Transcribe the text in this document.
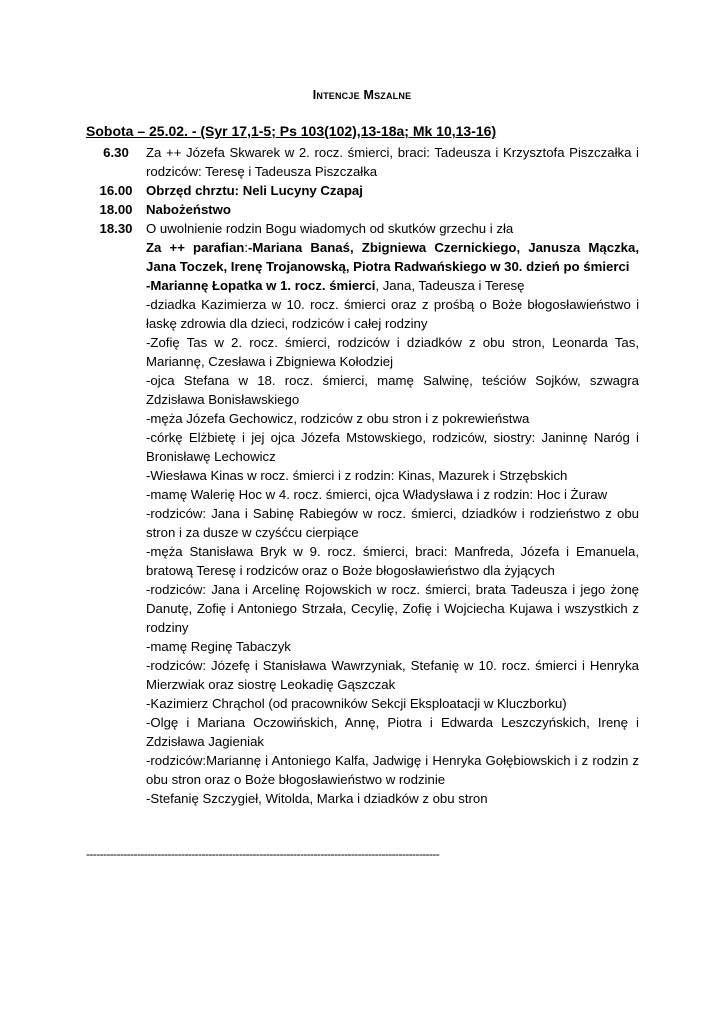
Intencje Mszalne
Sobota – 25.02. - (Syr 17,1-5; Ps 103(102),13-18a; Mk 10,13-16)
6.30	Za ++ Józefa Skwarek w 2. rocz. śmierci, braci: Tadeusza i Krzysztofa Piszczałka i rodziców: Teresę i Tadeusza Piszczałka
16.00	Obrzęd chrztu: Neli Lucyny Czapaj
18.00	Nabożeństwo
18.30	O uwolnienie rodzin Bogu wiadomych od skutków grzechu i zła
Za ++ parafian:-Mariana Banaś, Zbigniewa Czernickiego, Janusza Mączka, Jana Toczek, Irenę Trojanowską, Piotra Radwańskiego w 30. dzień po śmierci
-Mariannę Łopatka w 1. rocz. śmierci, Jana, Tadeusza i Teresę
-dziadka Kazimierza w 10. rocz. śmierci oraz z prośbą o Boże błogosławieństwo i łaskę zdrowia dla dzieci, rodziców i całej rodziny
-Zofię Tas w 2. rocz. śmierci, rodziców i dziadków z obu stron, Leonarda Tas, Mariannę, Czesława i Zbigniewa Kołodziej
-ojca Stefana w 18. rocz. śmierci, mamę Salwinę, teściów Sojków, szwagra Zdzisława Bonisławskiego
-męża Józefa Gechowicz, rodziców z obu stron i z pokrewieństwa
-córkę Elżbietę i jej ojca Józefa Mstowskiego, rodziców, siostry: Janinnę Naróg i Bronisławę Lechowicz
-Wiesława Kinas w rocz. śmierci i z rodzin: Kinas, Mazurek i Strzębskich
-mamę Walerię Hoc w 4. rocz. śmierci, ojca Władysława i z rodzin: Hoc i Żuraw
-rodziców: Jana i Sabinę Rabiegów w rocz. śmierci, dziadków i rodzieństwo z obu stron i za dusze w czyśćcu cierpiące
-męża Stanisława Bryk w 9. rocz. śmierci, braci: Manfreda, Józefa i Emanuela, bratową Teresę i rodziców oraz o Boże błogosławieństwo dla żyjących
-rodziców: Jana i Arcelinę Rojowskich w rocz. śmierci, brata Tadeusza i jego żonę Danutę, Zofię i Antoniego Strzała, Cecylię, Zofię i Wojciecha Kujawa i wszystkich z rodziny
-mamę Reginę Tabaczyk
-rodziców: Józefę i Stanisława Wawrzyniak, Stefanię w 10. rocz. śmierci i Henryka Mierzwiak oraz siostrę Leokadię Gąszczak
-Kazimierz Chrąchol (od pracowników Sekcji Eksploatacji w Kluczborku)
-Olgę i Mariana Oczowińskich, Annę, Piotra i Edwarda Leszczyńskich, Irenę i Zdzisława Jagieniak
-rodziców:Mariannę i Antoniego Kalfa, Jadwigę i Henryka Gołębiowskich i z rodzin z obu stron oraz o Boże błogosławieństwo w rodzinie
-Stefanię Szczygieł, Witolda, Marka i dziadków z obu stron
--------------------------------------------------------------------------------------------------------
